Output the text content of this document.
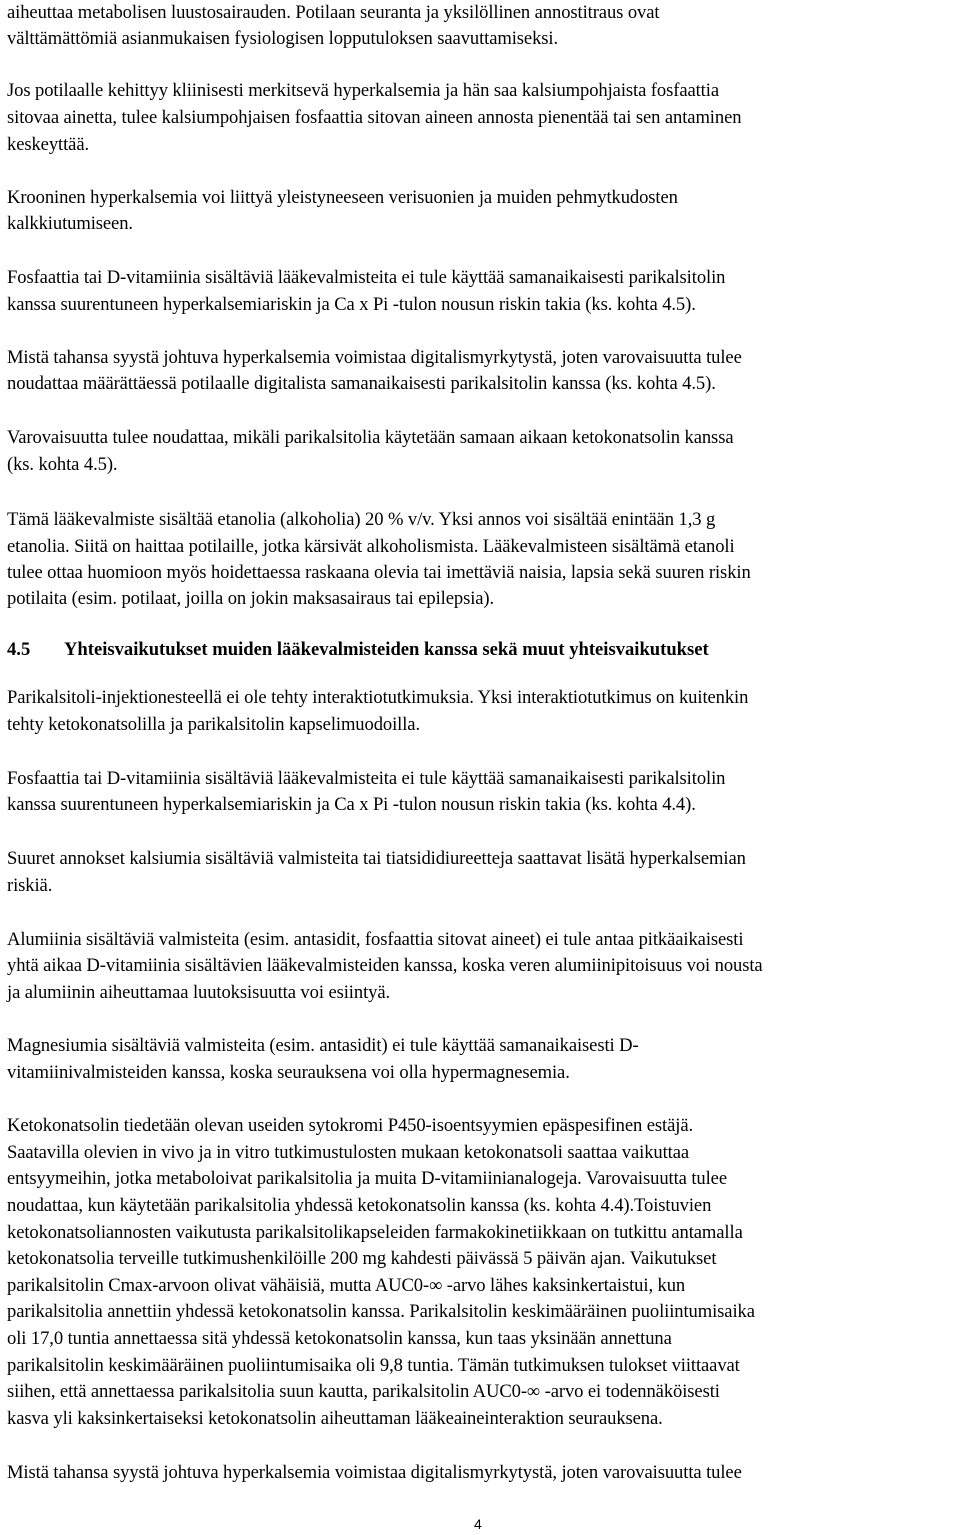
aiheuttaa metabolisen luustosairauden. Potilaan seuranta ja yksilöllinen annostitraus ovat
välttämättömiä asianmukaisen fysiologisen lopputuloksen saavuttamiseksi.
Jos potilaalle kehittyy kliinisesti merkitsevä hyperkalsemia ja hän saa kalsiumpohjaista fosfaattia
sitovaa ainetta, tulee kalsiumpohjaisen fosfaattia sitovan aineen annosta pienentää tai sen antaminen
keskeyttää.
Krooninen hyperkalsemia voi liittyä yleistyneeseen verisuonien ja muiden pehmytkudosten
kalkkiutumiseen.
Fosfaattia tai D-vitamiinia sisältäviä lääkevalmisteita ei tule käyttää samanaikaisesti parikalsitolin
kanssa suurentuneen hyperkalsemiariskin ja Ca x Pi -tulon nousun riskin takia (ks. kohta 4.5).
Mistä tahansa syystä johtuva hyperkalsemia voimistaa digitalismyrkytystä, joten varovaisuutta tulee
noudattaa määrättäessä potilaalle digitalista samanaikaisesti parikalsitolin kanssa (ks. kohta 4.5).
Varovaisuutta tulee noudattaa, mikäli parikalsitolia käytetään samaan aikaan ketokonatsolin kanssa
(ks. kohta 4.5).
Tämä lääkevalmiste sisältää etanolia (alkoholia) 20 % v/v. Yksi annos voi sisältää enintään 1,3 g
etanolia. Siitä on haittaa potilaille, jotka kärsivät alkoholismista. Lääkevalmisteen sisältämä etanoli
tulee ottaa huomioon myös hoidettaessa raskaana olevia tai imettäviä naisia, lapsia sekä suuren riskin
potilaita (esim. potilaat, joilla on jokin maksasairaus tai epilepsia).
4.5 Yhteisvaikutukset muiden lääkevalmisteiden kanssa sekä muut yhteisvaikutukset
Parikalsitoli-injektionesteellä ei ole tehty interaktiotutkimuksia. Yksi interaktiotutkimus on kuitenkin
tehty ketokonatsolilla ja parikalsitolin kapselimuodoilla.
Fosfaattia tai D-vitamiinia sisältäviä lääkevalmisteita ei tule käyttää samanaikaisesti parikalsitolin
kanssa suurentuneen hyperkalsemiariskin ja Ca x Pi -tulon nousun riskin takia (ks. kohta 4.4).
Suuret annokset kalsiumia sisältäviä valmisteita tai tiatsididiureetteja saattavat lisätä hyperkalsemian
riskiä.
Alumiinia sisältäviä valmisteita (esim. antasidit, fosfaattia sitovat aineet) ei tule antaa pitkäaikaisesti
yhtä aikaa D-vitamiinia sisältävien lääkevalmisteiden kanssa, koska veren alumiinipitoisuus voi nousta
ja alumiinin aiheuttamaa luutoksisuutta voi esiintyä.
Magnesiumia sisältäviä valmisteita (esim. antasidit) ei tule käyttää samanaikaisesti D-
vitamiinivalmisteiden kanssa, koska seurauksena voi olla hypermagnesemia.
Ketokonatsolin tiedetään olevan useiden sytokromi P450-isoentsyymien epäspesifinen estäjä.
Saatavilla olevien in vivo ja in vitro tutkimustulosten mukaan ketokonatsoli saattaa vaikuttaa
entsyymeihin, jotka metaboloivat parikalsitolia ja muita D-vitamiinianalogeja. Varovaisuutta tulee
noudattaa, kun käytetään parikalsitolia yhdessä ketokonatsolin kanssa (ks. kohta 4.4).Toistuvien
ketokonatsoliannosten vaikutusta parikalsitolikapseleiden farmakokinetiikkaan on tutkittu antamalla
ketokonatsolia terveille tutkimushenkilöille 200 mg kahdesti päivässä 5 päivän ajan. Vaikutukset
parikalsitolin Cmax-arvoon olivat vähäisiä, mutta AUC0-∞ -arvo lähes kaksinkertaistui, kun
parikalsitolia annettiin yhdessä ketokonatsolin kanssa. Parikalsitolin keskimääräinen puoliintumisaika
oli 17,0 tuntia annettaessa sitä yhdessä ketokonatsolin kanssa, kun taas yksinään annettuna
parikalsitolin keskimääräinen puoliintumisaika oli 9,8 tuntia. Tämän tutkimuksen tulokset viittaavat
siihen, että annettaessa parikalsitolia suun kautta, parikalsitolin AUC0-∞ -arvo ei todennäköisesti
kasva yli kaksinkertaiseksi ketokonatsolin aiheuttaman lääkeaineinteraktion seurauksena.
Mistä tahansa syystä johtuva hyperkalsemia voimistaa digitalismyrkytystä, joten varovaisuutta tulee
4
